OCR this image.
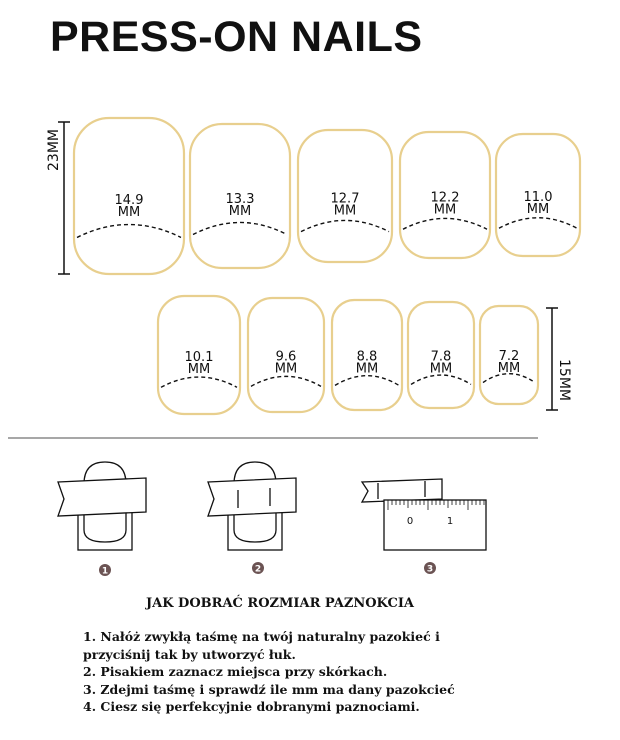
PRESS-ON NAILS
23MM
15MM
14.9
MM
13.3
MM
12.7
MM
12.2
MM
11.0
MM
10.1
MM
9.6
MM
8.8
MM
7.8
MM
7.2
MM
0	1
1	2	3
JAK DOBRAĆ ROZMIAR PAZNOKCIA
1. Nałóż zwykłą taśmę na twój naturalny pazokieć i
przyciśnij tak by utworzyć łuk.
2. Pisakiem zaznacz miejsca przy skórkach.
3. Zdejmi taśmę i sprawdź ile mm ma dany pazokcieć
4. Ciesz się perfekcyjnie dobranymi paznociami.
